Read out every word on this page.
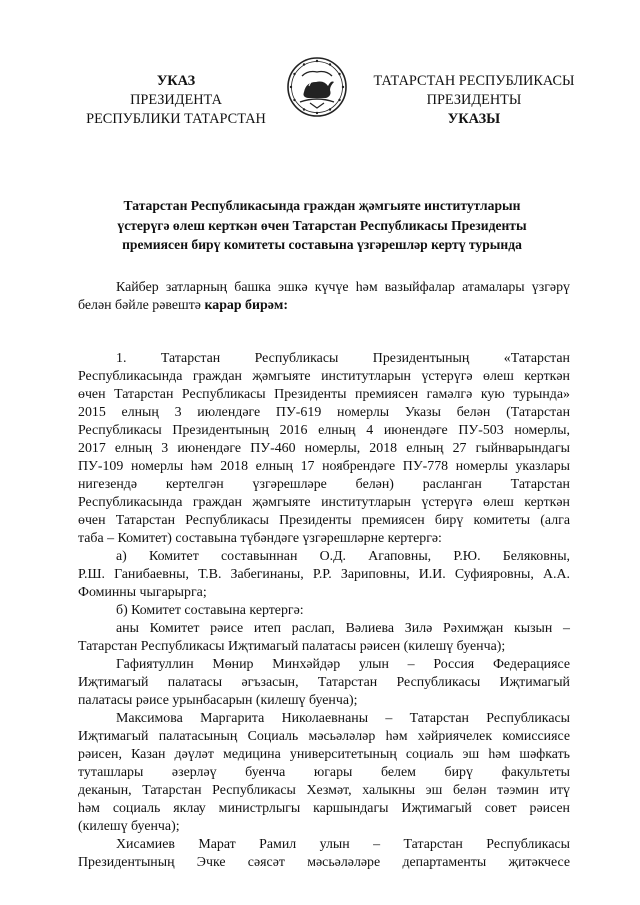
УКАЗ
ПРЕЗИДЕНТА
РЕСПУБЛИКИ ТАТАРСТАН
ТАТАРСТАН РЕСПУБЛИКАСЫ
ПРЕЗИДЕНТЫ
УКАЗЫ
Татарстан Республикасында граждан җәмгыяте институтларын
үстерүгә өлеш керткән өчен Татарстан Республикасы Президенты
премиясен бирү комитеты составына үзгәрешләр кертү турында
Кайбер затларның башка эшкә күчүе һәм вазыйфалар атамалары үзгәрү
белән бәйле рәвештә карар бирәм:
1. Татарстан Республикасы Президентының «Татарстан
Республикасында граждан җәмгыяте институтларын үстерүгә өлеш керткән
өчен Татарстан Республикасы Президенты премиясен гамәлгә кую турында»
2015 елның 3 июлендәге ПУ-619 номерлы Указы белән (Татарстан
Республикасы Президентының 2016 елның 4 июнендәге ПУ-503 номерлы,
2017 елның 3 июнендәге ПУ-460 номерлы, 2018 елның 27 гыйнварындагы
ПУ-109 номерлы һәм 2018 елның 17 ноябрендәге ПУ-778 номерлы указлары
нигезендә кертелгән үзгәрешләре белән) расланган Татарстан
Республикасында граждан җәмгыяте институтларын үстерүгә өлеш керткән
өчен Татарстан Республикасы Президенты премиясен бирү комитеты (алга
таба – Комитет) составына түбәндәге үзгәрешләрне кертергә:
а) Комитет составыннан О.Д. Агаповны, Р.Ю. Беляковны,
Р.Ш. Ганибаевны, Т.В. Забегинаны, Р.Р. Зариповны, И.И. Суфияровны, А.А.
Фоминны чыгарырга;
б) Комитет составына кертергә:
аны Комитет рәисе итеп раслап, Вәлиева Зилә Рәхимҗан кызын –
Татарстан Республикасы Иҗтимагый палатасы рәисен (килешү буенча);
Гафиятуллин Мөнир Минхәйдәр улын – Россия Федерациясе
Иҗтимагый палатасы әгъзасын, Татарстан Республикасы Иҗтимагый
палатасы рәисе урынбасарын (килешү буенча);
Максимова Маргарита Николаевнаны – Татарстан Республикасы
Иҗтимагый палатасының Социаль мәсьәләләр һәм хәйриячелек комиссиясе
рәисен, Казан дәүләт медицина университетының социаль эш һәм шәфкать
туташлары әзерләү буенча югары белем бирү факультеты
деканын, Татарстан Республикасы Хезмәт, халыкны эш белән тәэмин итү
һәм социаль яклау министрлыгы каршындагы Иҗтимагый совет рәисен
(килешү буенча);
Хисамиев Марат Рамил улын – Татарстан Республикасы
Президентының Эчке сәясәт мәсьәләләре департаменты җитәкчесе
